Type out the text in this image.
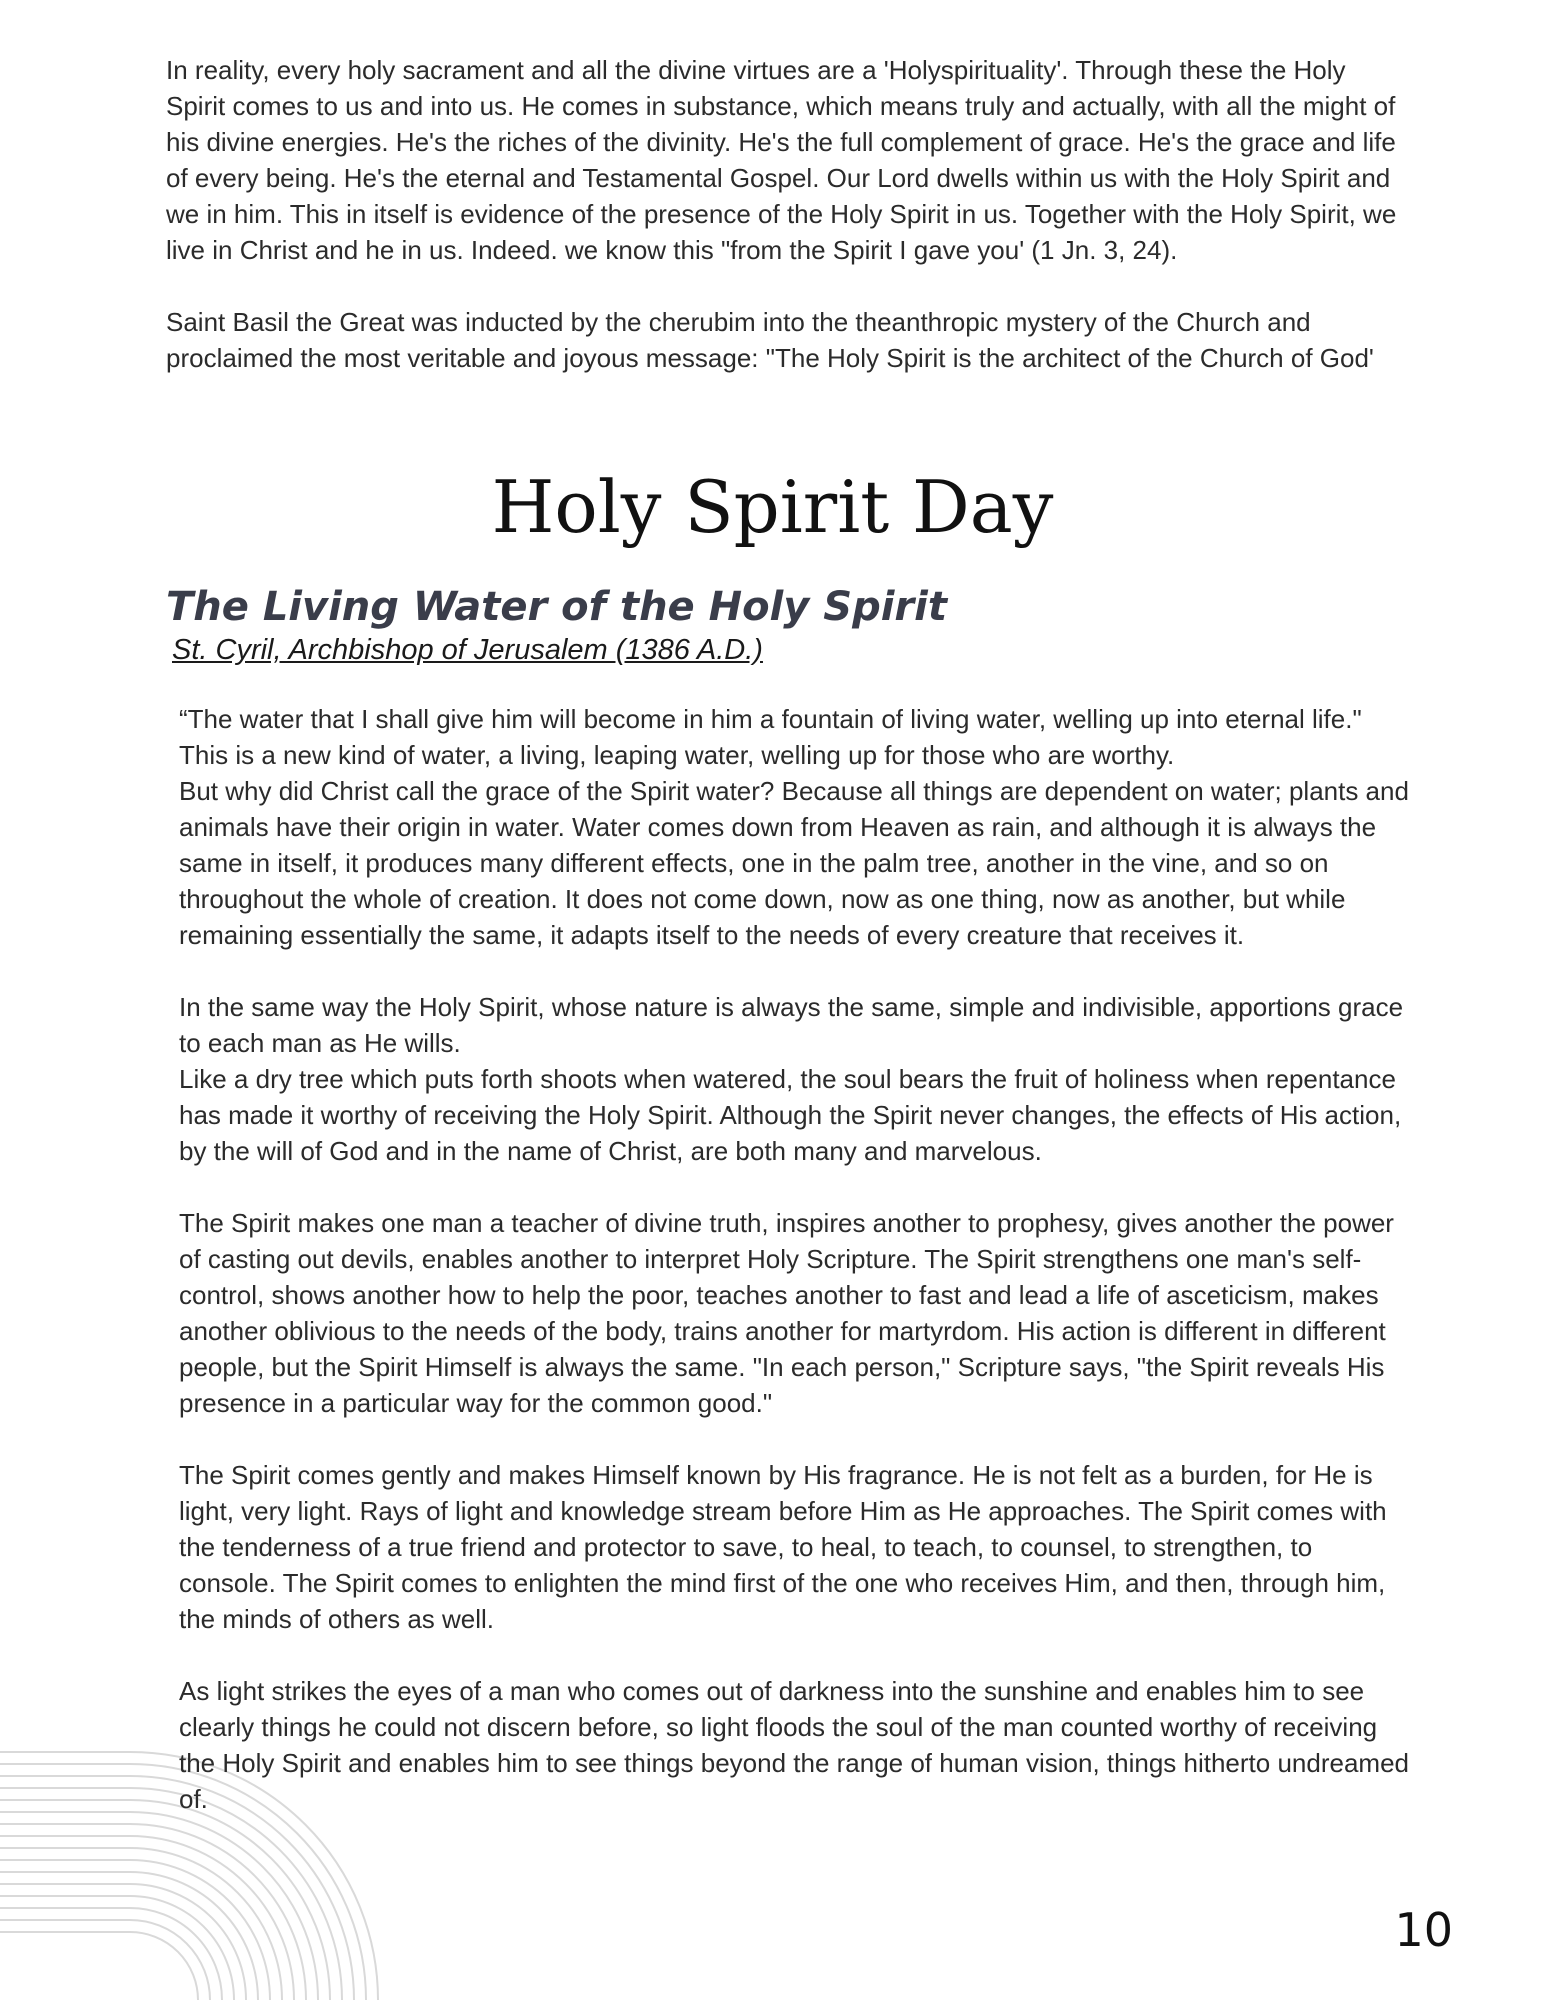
In reality, every holy sacrament and all the divine virtues are a 'Holyspirituality'. Through these the Holy Spirit comes to us and into us. He comes in substance, which means truly and actually, with all the might of his divine energies. He's the riches of the divinity. He's the full complement of grace. He's the grace and life of every being. He's the eternal and Testamental Gospel. Our Lord dwells within us with the Holy Spirit and we in him. This in itself is evidence of the presence of the Holy Spirit in us. Together with the Holy Spirit, we live in Christ and he in us. Indeed. we know this "from the Spirit I gave you' (1 Jn. 3, 24).

Saint Basil the Great was inducted by the cherubim into the theanthropic mystery of the Church and proclaimed the most veritable and joyous message: "The Holy Spirit is the architect of the Church of God'

Holy Spirit Day
The Living Water of the Holy Spirit
St. Cyril, Archbishop of Jerusalem (1386 A.D.)

“The water that I shall give him will become in him a fountain of living water, welling up into eternal life." This is a new kind of water, a living, leaping water, welling up for those who are worthy.

But why did Christ call the grace of the Spirit water? Because all things are dependent on water; plants and animals have their origin in water. Water comes down from Heaven as rain, and although it is always the same in itself, it produces many different effects, one in the palm tree, another in the vine, and so on throughout the whole of creation. It does not come down, now as one thing, now as another, but while remaining essentially the same, it adapts itself to the needs of every creature that receives it.

In the same way the Holy Spirit, whose nature is always the same, simple and indivisible, apportions grace to each man as He wills.

Like a dry tree which puts forth shoots when watered, the soul bears the fruit of holiness when repentance has made it worthy of receiving the Holy Spirit. Although the Spirit never changes, the effects of His action, by the will of God and in the name of Christ, are both many and marvelous.

The Spirit makes one man a teacher of divine truth, inspires another to prophesy, gives another the power of casting out devils, enables another to interpret Holy Scripture. The Spirit strengthens one man's self-control, shows another how to help the poor, teaches another to fast and lead a life of asceticism, makes another oblivious to the needs of the body, trains another for martyrdom. His action is different in different people, but the Spirit Himself is always the same. "In each person," Scripture says, "the Spirit reveals His presence in a particular way for the common good."

The Spirit comes gently and makes Himself known by His fragrance. He is not felt as a burden, for He is light, very light. Rays of light and knowledge stream before Him as He approaches. The Spirit comes with the tenderness of a true friend and protector to save, to heal, to teach, to counsel, to strengthen, to console. The Spirit comes to enlighten the mind first of the one who receives Him, and then, through him, the minds of others as well.

As light strikes the eyes of a man who comes out of darkness into the sunshine and enables him to see clearly things he could not discern before, so light floods the soul of the man counted worthy of receiving the Holy Spirit and enables him to see things beyond the range of human vision, things hitherto undreamed of.

10
